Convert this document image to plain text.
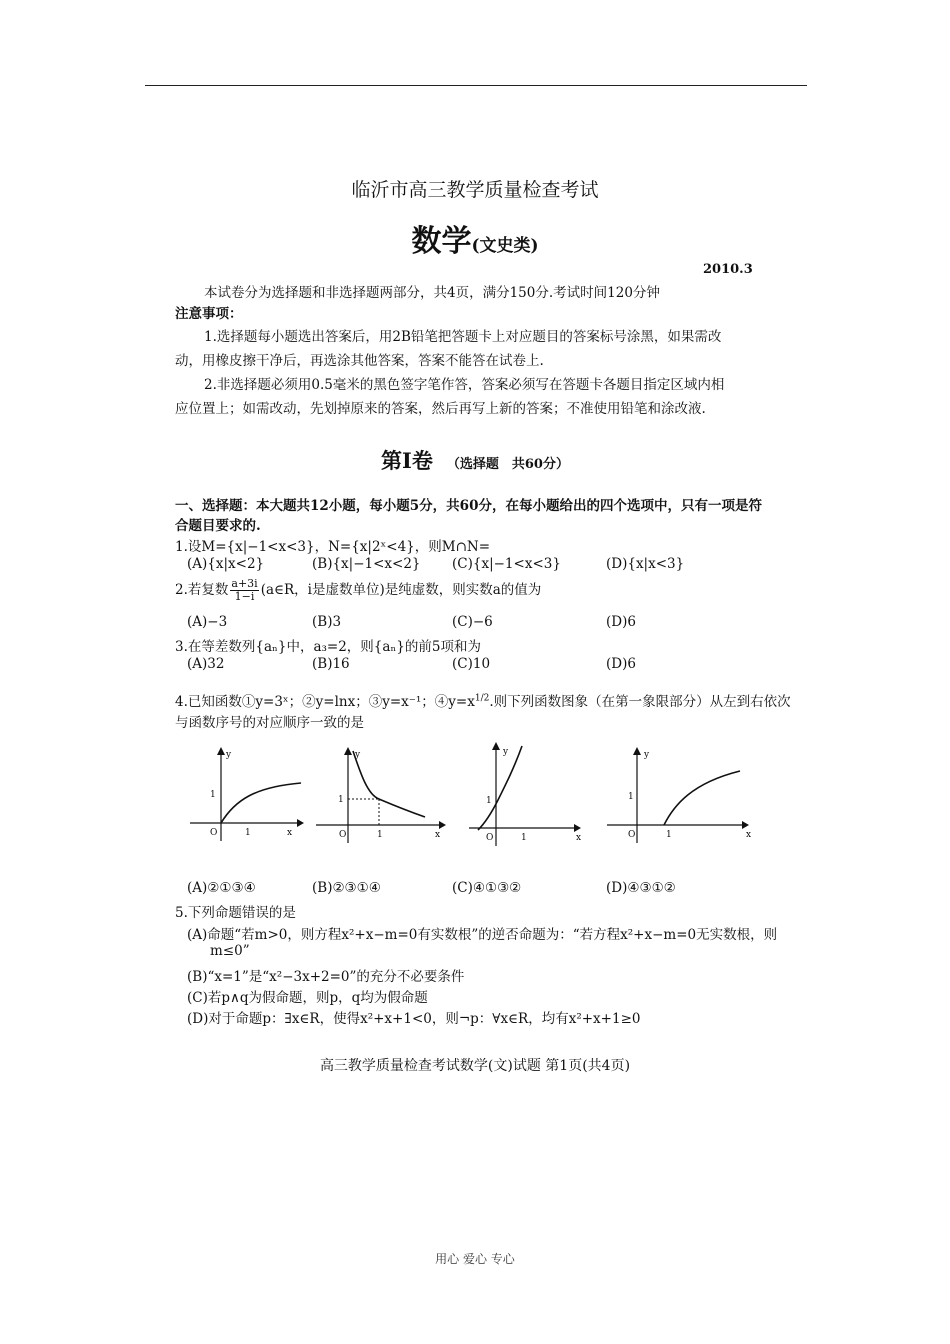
临沂市高三教学质量检查考试
数学(文史类)
2010.3
本试卷分为选择题和非选择题两部分，共4页，满分150分.考试时间120分钟
注意事项：
1.选择题每小题选出答案后，用2B铅笔把答题卡上对应题目的答案标号涂黑，如果需改
动，用橡皮擦干净后，再选涂其他答案，答案不能答在试卷上.
2.非选择题必须用0.5毫米的黑色签字笔作答，答案必须写在答题卡各题目指定区域内相
应位置上；如需改动，先划掉原来的答案，然后再写上新的答案；不准使用铅笔和涂改液.
第Ⅰ卷 （选择题　共60分）
一、选择题：本大题共12小题，每小题5分，共60分，在每小题给出的四个选项中，只有一项是符
合题目要求的.
1.设M={x|−1<x<3}，N={x|2ˣ<4}，则M∩N=
(A){x|x<2}	(B){x|−1<x<2} (C){x|−1<x<3}	(D){x|x<3}
2.若复数 $\frac{a+3i}{1-i}$ (a∈R，i是虚数单位)是纯虚数，则实数a的值为
(A)−3	(B)3	(C)−6	(D)6
3.在等差数列{aₙ}中，a₃=2，则{aₙ}的前5项和为
(A)32	(B)16	(C)10	(D)6
4.已知函数①y=3ˣ；②y=lnx；③y=x⁻¹；$④y=x^{1/2}$.则下列函数图象（在第一象限部分）从左到右依次
与函数序号的对应顺序一致的是
y
x
O	1
1
y
x
O	1
1
y
x
O	1
1
y
x
O	1
1
(A)②①③④	(B)②③①④	(C)④①③②	(D)④③①②
5.下列命题错误的是
(A)命题“若m>0，则方程x²+x−m=0有实数根”的逆否命题为：“若方程x²+x−m=0无实数根，则
m≤0”
(B)“x=1”是“x²−3x+2=0”的充分不必要条件
(C)若p∧q为假命题，则p，q均为假命题
(D)对于命题p：∃x∈R，使得x²+x+1<0，则¬p：∀x∈R，均有x²+x+1≥0
高三教学质量检查考试数学(文)试题 第1页(共4页)
用心 爱心 专心
